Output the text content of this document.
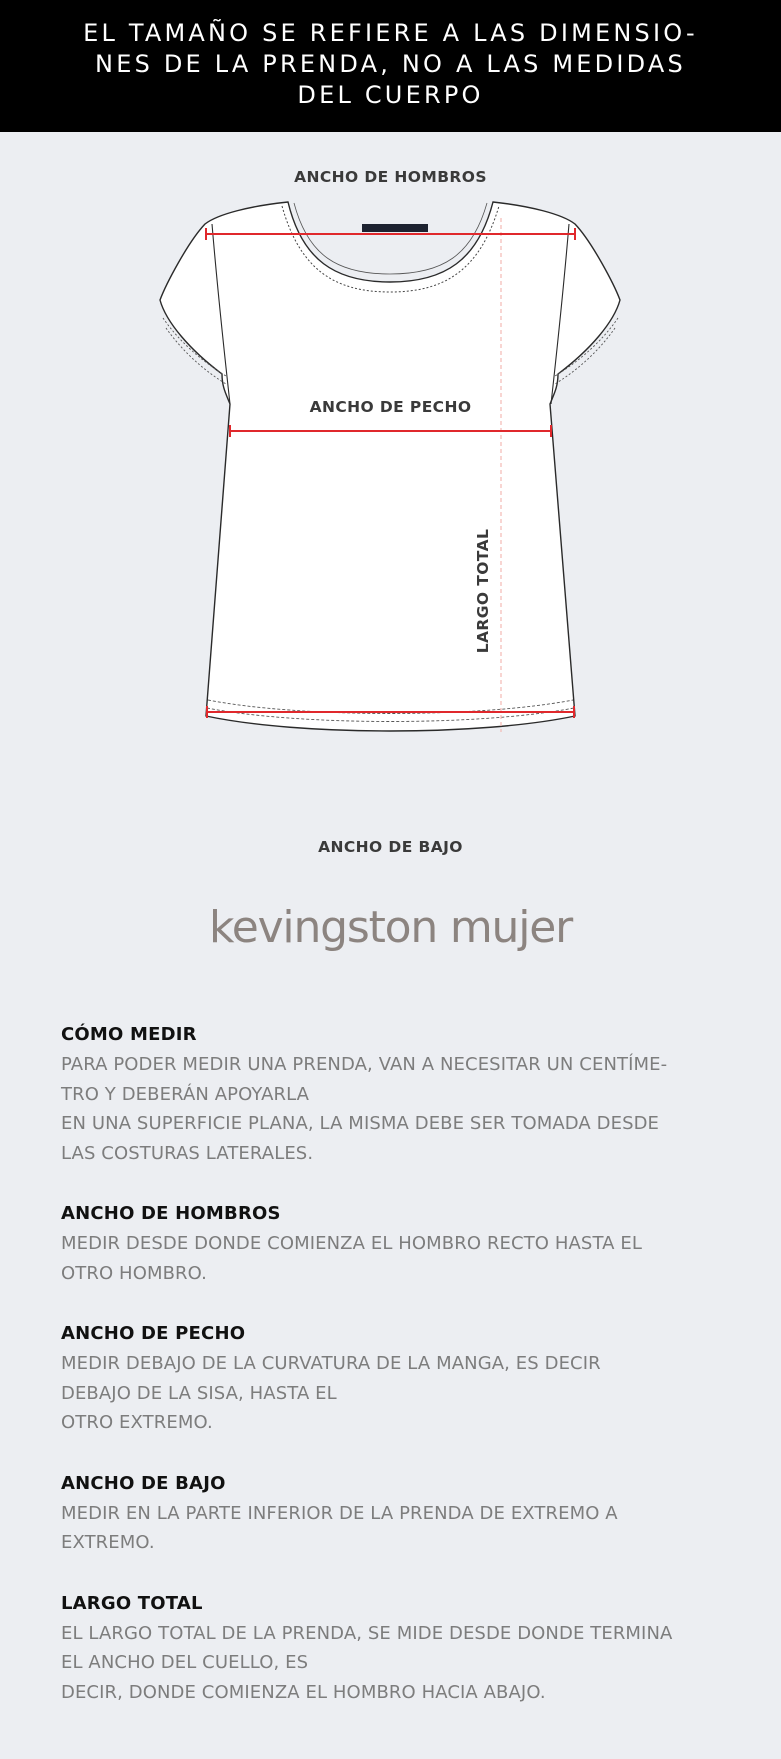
EL TAMAÑO SE REFIERE A LAS DIMENSIO-
NES DE LA PRENDA, NO A LAS MEDIDAS
DEL CUERPO
ANCHO DE HOMBROS
ANCHO DE PECHO
LARGO TOTAL
ANCHO DE BAJO
kevingston mujer
CÓMO MEDIR
PARA PODER MEDIR UNA PRENDA, VAN A NECESITAR UN CENTÍME-
TRO Y DEBERÁN APOYARLA
EN UNA SUPERFICIE PLANA, LA MISMA DEBE SER TOMADA DESDE
LAS COSTURAS LATERALES.
ANCHO DE HOMBROS
MEDIR DESDE DONDE COMIENZA EL HOMBRO RECTO HASTA EL
OTRO HOMBRO.
ANCHO DE PECHO
MEDIR DEBAJO DE LA CURVATURA DE LA MANGA, ES DECIR
DEBAJO DE LA SISA, HASTA EL
OTRO EXTREMO.
ANCHO DE BAJO
MEDIR EN LA PARTE INFERIOR DE LA PRENDA DE EXTREMO A
EXTREMO.
LARGO TOTAL
EL LARGO TOTAL DE LA PRENDA, SE MIDE DESDE DONDE TERMINA
EL ANCHO DEL CUELLO, ES
DECIR, DONDE COMIENZA EL HOMBRO HACIA ABAJO.
